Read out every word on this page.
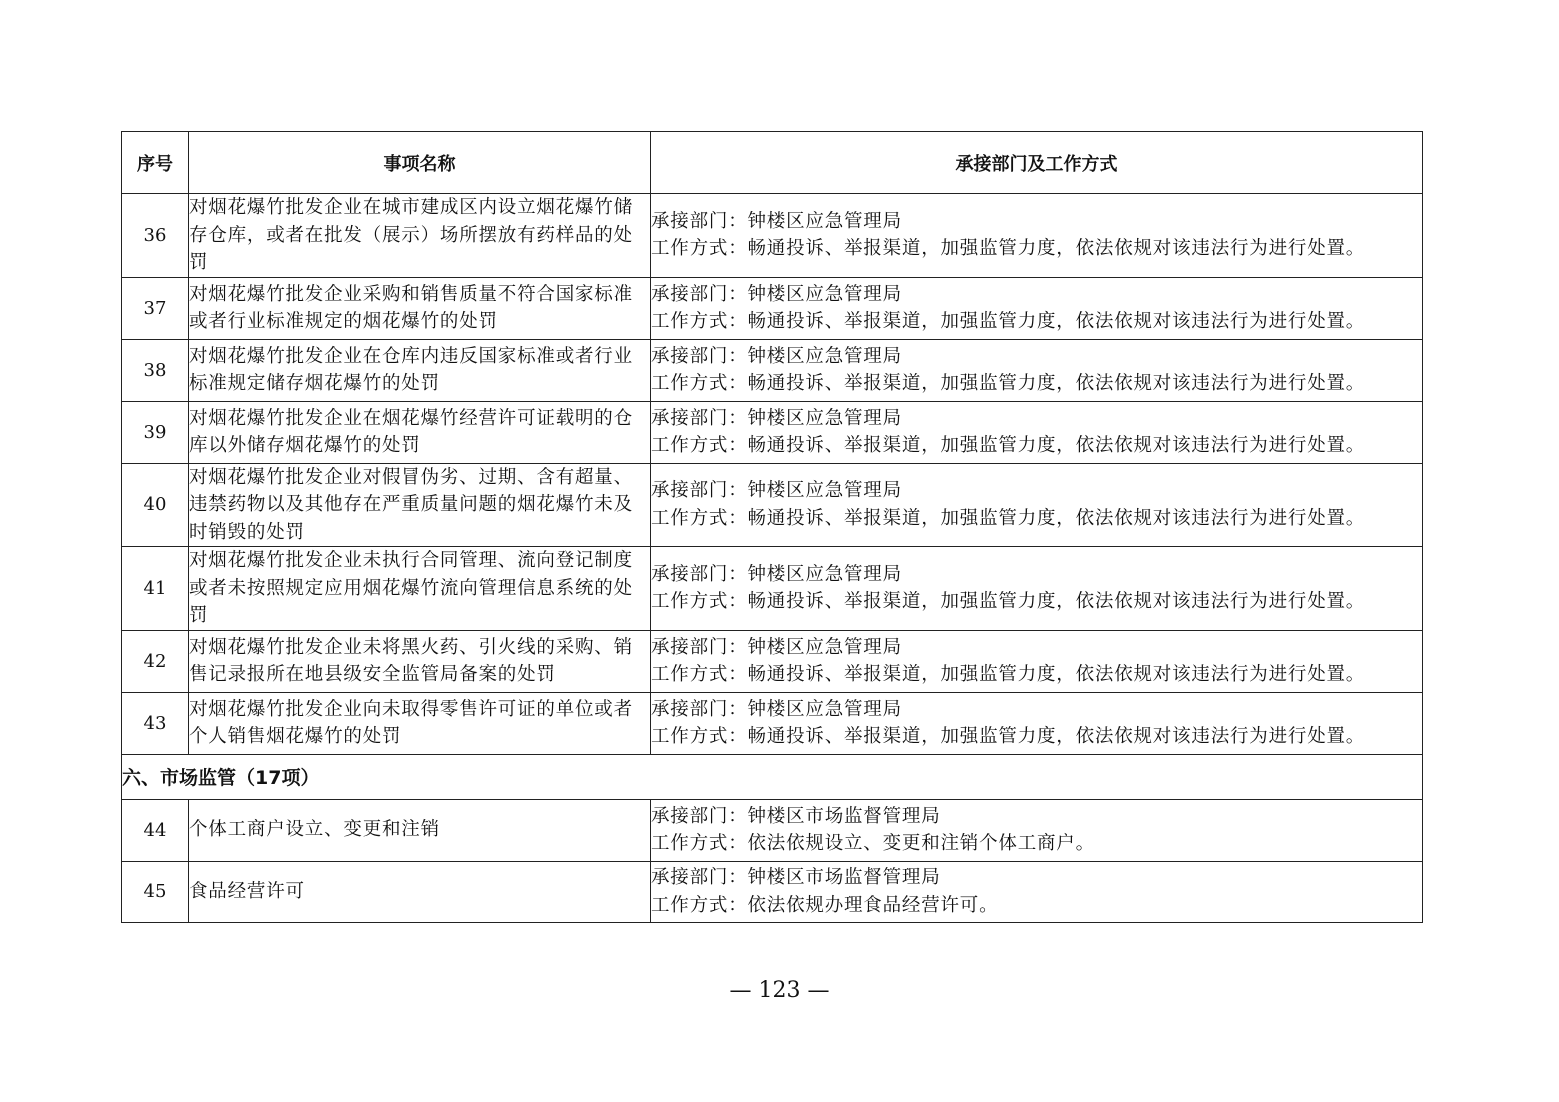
序号	事项名称	承接部门及工作方式
36	对烟花爆竹批发企业在城市建成区内设立烟花爆竹储存仓库，或者在批发（展示）场所摆放有药样品的处罚	承接部门：钟楼区应急管理局
工作方式：畅通投诉、举报渠道，加强监管力度，依法依规对该违法行为进行处置。

37	对烟花爆竹批发企业采购和销售质量不符合国家标准或者行业标准规定的烟花爆竹的处罚	承接部门：钟楼区应急管理局
工作方式：畅通投诉、举报渠道，加强监管力度，依法依规对该违法行为进行处置。

38	对烟花爆竹批发企业在仓库内违反国家标准或者行业标准规定储存烟花爆竹的处罚	承接部门：钟楼区应急管理局
工作方式：畅通投诉、举报渠道，加强监管力度，依法依规对该违法行为进行处置。

39	对烟花爆竹批发企业在烟花爆竹经营许可证载明的仓库以外储存烟花爆竹的处罚	承接部门：钟楼区应急管理局
工作方式：畅通投诉、举报渠道，加强监管力度，依法依规对该违法行为进行处置。

40	对烟花爆竹批发企业对假冒伪劣、过期、含有超量、违禁药物以及其他存在严重质量问题的烟花爆竹未及时销毁的处罚	承接部门：钟楼区应急管理局
工作方式：畅通投诉、举报渠道，加强监管力度，依法依规对该违法行为进行处置。

41	对烟花爆竹批发企业未执行合同管理、流向登记制度或者未按照规定应用烟花爆竹流向管理信息系统的处罚	承接部门：钟楼区应急管理局
工作方式：畅通投诉、举报渠道，加强监管力度，依法依规对该违法行为进行处置。

42	对烟花爆竹批发企业未将黑火药、引火线的采购、销售记录报所在地县级安全监管局备案的处罚	承接部门：钟楼区应急管理局
工作方式：畅通投诉、举报渠道，加强监管力度，依法依规对该违法行为进行处置。

43	对烟花爆竹批发企业向未取得零售许可证的单位或者个人销售烟花爆竹的处罚	承接部门：钟楼区应急管理局
工作方式：畅通投诉、举报渠道，加强监管力度，依法依规对该违法行为进行处置。

六、市场监管（17项）		
44	个体工商户设立、变更和注销	承接部门：钟楼区市场监督管理局
工作方式：依法依规设立、变更和注销个体工商户。

45	食品经营许可	承接部门：钟楼区市场监督管理局
工作方式：依法依规办理食品经营许可。
— 123 —
